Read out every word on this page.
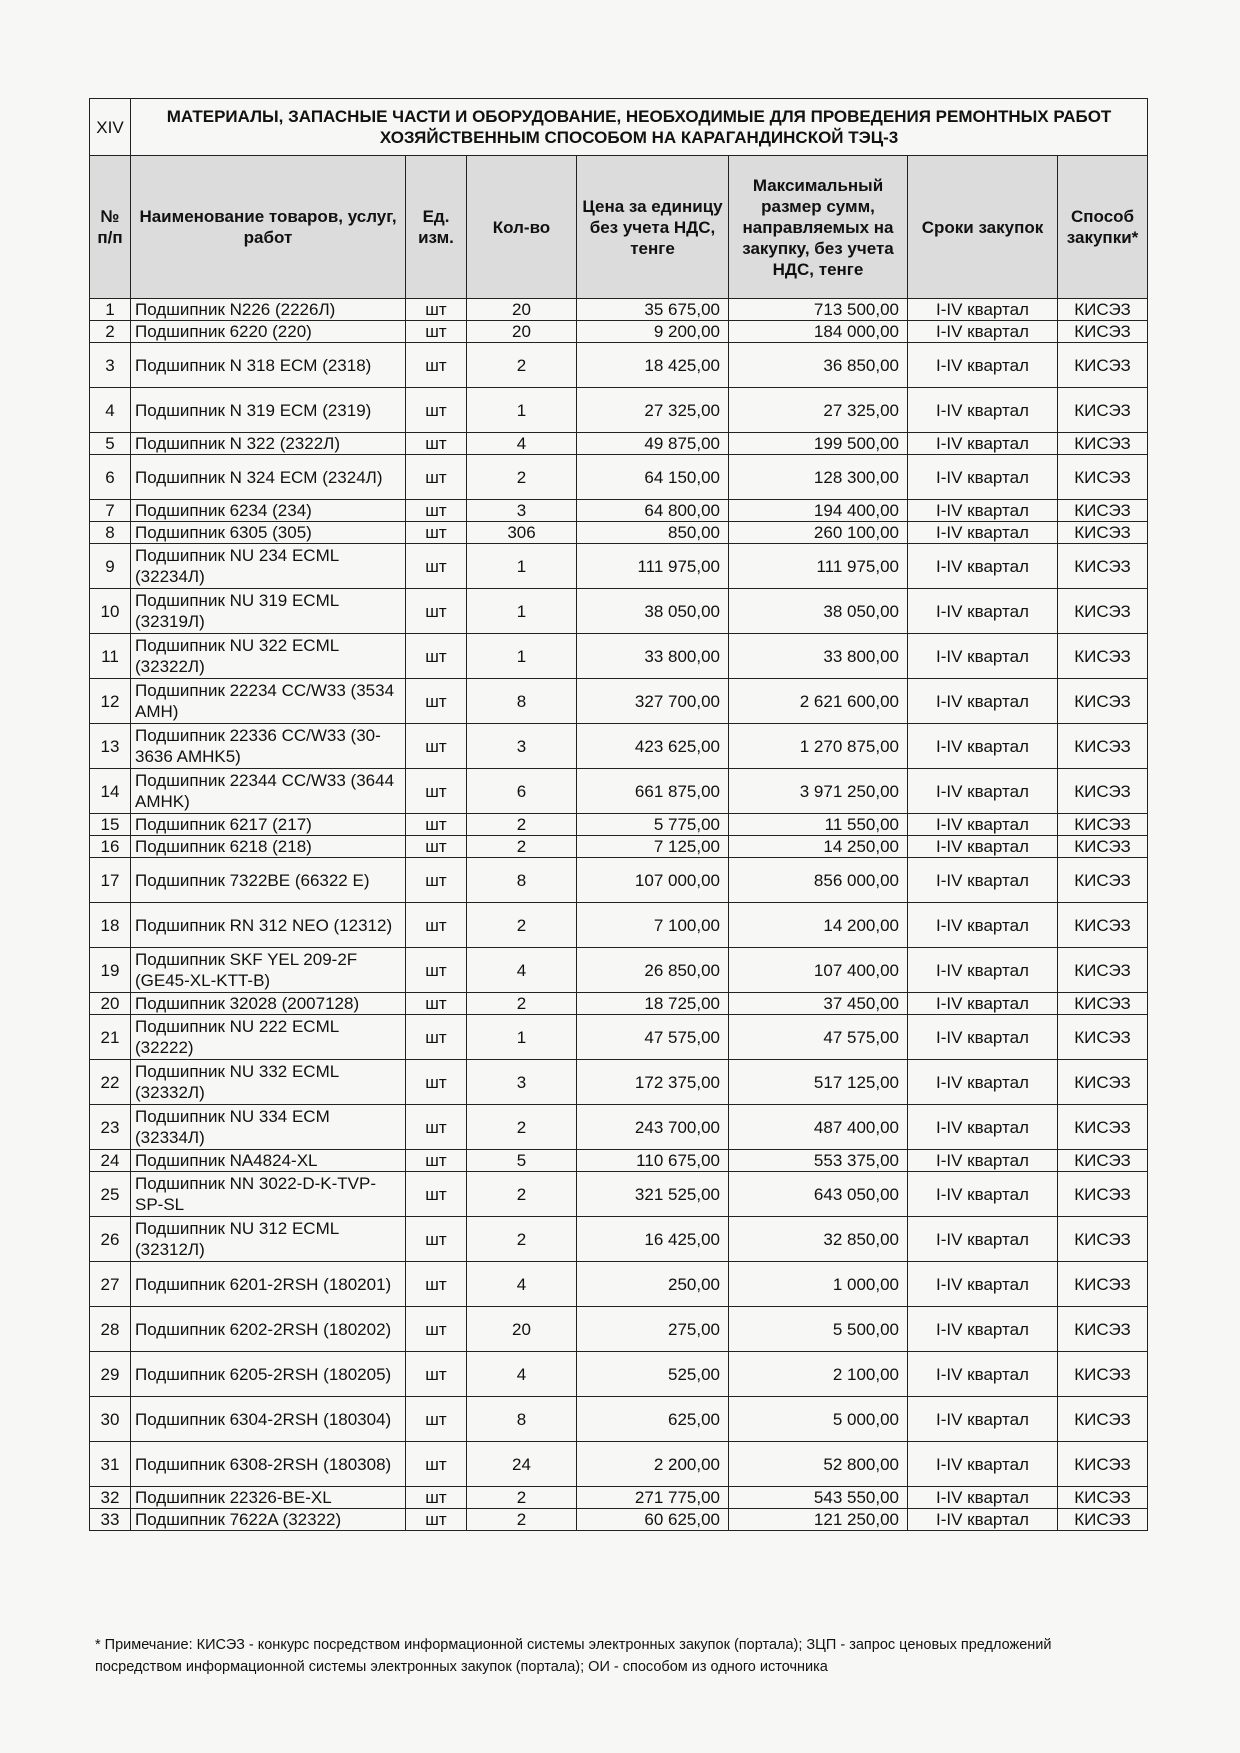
XIV	МАТЕРИАЛЫ, ЗАПАСНЫЕ ЧАСТИ И ОБОРУДОВАНИЕ, НЕОБХОДИМЫЕ ДЛЯ ПРОВЕДЕНИЯ РЕМОНТНЫХ РАБОТ ХОЗЯЙСТВЕННЫМ СПОСОБОМ НА КАРАГАНДИНСКОЙ ТЭЦ-3						
№ п/п	Наименование товаров, услуг, работ	Ед. изм.	Кол-во	Цена за единицу без учета НДС, тенге	Максимальный размер сумм, направляемых на закупку, без учета НДС, тенге	Сроки закупок	Способ закупки*
1	Подшипник N226 (2226Л)	шт	20	35 675,00	713 500,00	I-IV квартал	КИСЭЗ
2	Подшипник 6220 (220)	шт	20	9 200,00	184 000,00	I-IV квартал	КИСЭЗ
3	Подшипник N 318 ECM (2318)	шт	2	18 425,00	36 850,00	I-IV квартал	КИСЭЗ
4	Подшипник N 319 ECM (2319)	шт	1	27 325,00	27 325,00	I-IV квартал	КИСЭЗ
5	Подшипник N 322 (2322Л)	шт	4	49 875,00	199 500,00	I-IV квартал	КИСЭЗ
6	Подшипник N 324 ECM (2324Л)	шт	2	64 150,00	128 300,00	I-IV квартал	КИСЭЗ
7	Подшипник 6234 (234)	шт	3	64 800,00	194 400,00	I-IV квартал	КИСЭЗ
8	Подшипник 6305 (305)	шт	306	850,00	260 100,00	I-IV квартал	КИСЭЗ
9	Подшипник NU 234 ECML (32234Л)	шт	1	111 975,00	111 975,00	I-IV квартал	КИСЭЗ
10	Подшипник NU 319 ECML (32319Л)	шт	1	38 050,00	38 050,00	I-IV квартал	КИСЭЗ
11	Подшипник NU 322 ECML (32322Л)	шт	1	33 800,00	33 800,00	I-IV квартал	КИСЭЗ
12	Подшипник 22234 CC/W33 (3534 AMH)	шт	8	327 700,00	2 621 600,00	I-IV квартал	КИСЭЗ
13	Подшипник 22336 CC/W33 (30-3636 AMHK5)	шт	3	423 625,00	1 270 875,00	I-IV квартал	КИСЭЗ
14	Подшипник 22344 CC/W33 (3644 AMHK)	шт	6	661 875,00	3 971 250,00	I-IV квартал	КИСЭЗ
15	Подшипник 6217 (217)	шт	2	5 775,00	11 550,00	I-IV квартал	КИСЭЗ
16	Подшипник 6218 (218)	шт	2	7 125,00	14 250,00	I-IV квартал	КИСЭЗ
17	Подшипник 7322BE (66322 E)	шт	8	107 000,00	856 000,00	I-IV квартал	КИСЭЗ
18	Подшипник RN 312 NEO (12312)	шт	2	7 100,00	14 200,00	I-IV квартал	КИСЭЗ
19	Подшипник SKF YEL 209-2F (GE45-XL-KTT-B)	шт	4	26 850,00	107 400,00	I-IV квартал	КИСЭЗ
20	Подшипник 32028 (2007128)	шт	2	18 725,00	37 450,00	I-IV квартал	КИСЭЗ
21	Подшипник NU 222 ECML (32222)	шт	1	47 575,00	47 575,00	I-IV квартал	КИСЭЗ
22	Подшипник NU 332 ECML (32332Л)	шт	3	172 375,00	517 125,00	I-IV квартал	КИСЭЗ
23	Подшипник NU 334 ECM (32334Л)	шт	2	243 700,00	487 400,00	I-IV квартал	КИСЭЗ
24	Подшипник NA4824-XL	шт	5	110 675,00	553 375,00	I-IV квартал	КИСЭЗ
25	Подшипник NN 3022-D-K-TVP-SP-SL	шт	2	321 525,00	643 050,00	I-IV квартал	КИСЭЗ
26	Подшипник NU 312 ECML (32312Л)	шт	2	16 425,00	32 850,00	I-IV квартал	КИСЭЗ
27	Подшипник 6201-2RSH (180201)	шт	4	250,00	1 000,00	I-IV квартал	КИСЭЗ
28	Подшипник 6202-2RSH (180202)	шт	20	275,00	5 500,00	I-IV квартал	КИСЭЗ
29	Подшипник 6205-2RSH (180205)	шт	4	525,00	2 100,00	I-IV квартал	КИСЭЗ
30	Подшипник 6304-2RSH (180304)	шт	8	625,00	5 000,00	I-IV квартал	КИСЭЗ
31	Подшипник 6308-2RSH (180308)	шт	24	2 200,00	52 800,00	I-IV квартал	КИСЭЗ
32	Подшипник 22326-BE-XL	шт	2	271 775,00	543 550,00	I-IV квартал	КИСЭЗ
33	Подшипник 7622A (32322)	шт	2	60 625,00	121 250,00	I-IV квартал	КИСЭЗ
* Примечание: КИСЭЗ - конкурс посредством информационной системы электронных закупок (портала); ЗЦП - запрос ценовых предложений посредством информационной системы электронных закупок (портала); ОИ - способом из одного источника
